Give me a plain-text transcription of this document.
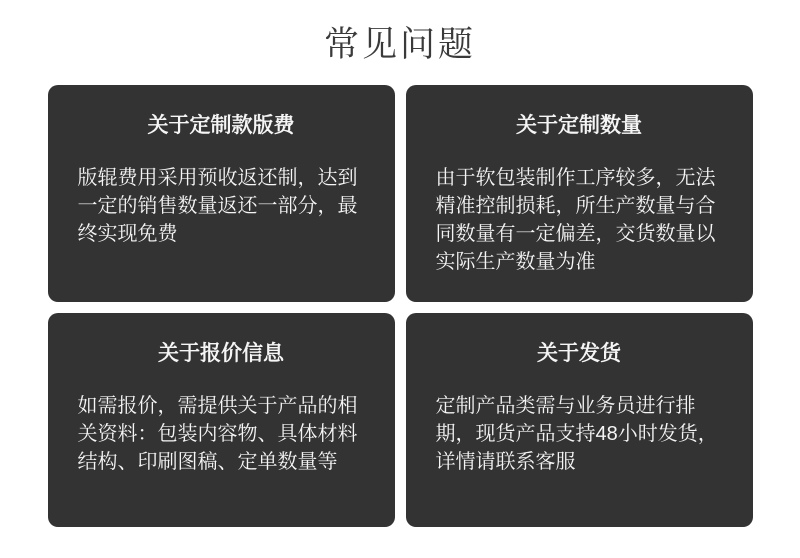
常见问题
关于定制款版费

版辊费用采用预收返还制，达到一定的销售数量返还一部分，最终实现免费

关于定制数量

由于软包装制作工序较多，无法精准控制损耗，所生产数量与合同数量有一定偏差，交货数量以实际生产数量为准

关于报价信息

如需报价，需提供关于产品的相关资料：包装内容物、具体材料结构、印刷图稿、定单数量等

关于发货

定制产品类需与业务员进行排期，现货产品支持48小时发货，详情请联系客服
